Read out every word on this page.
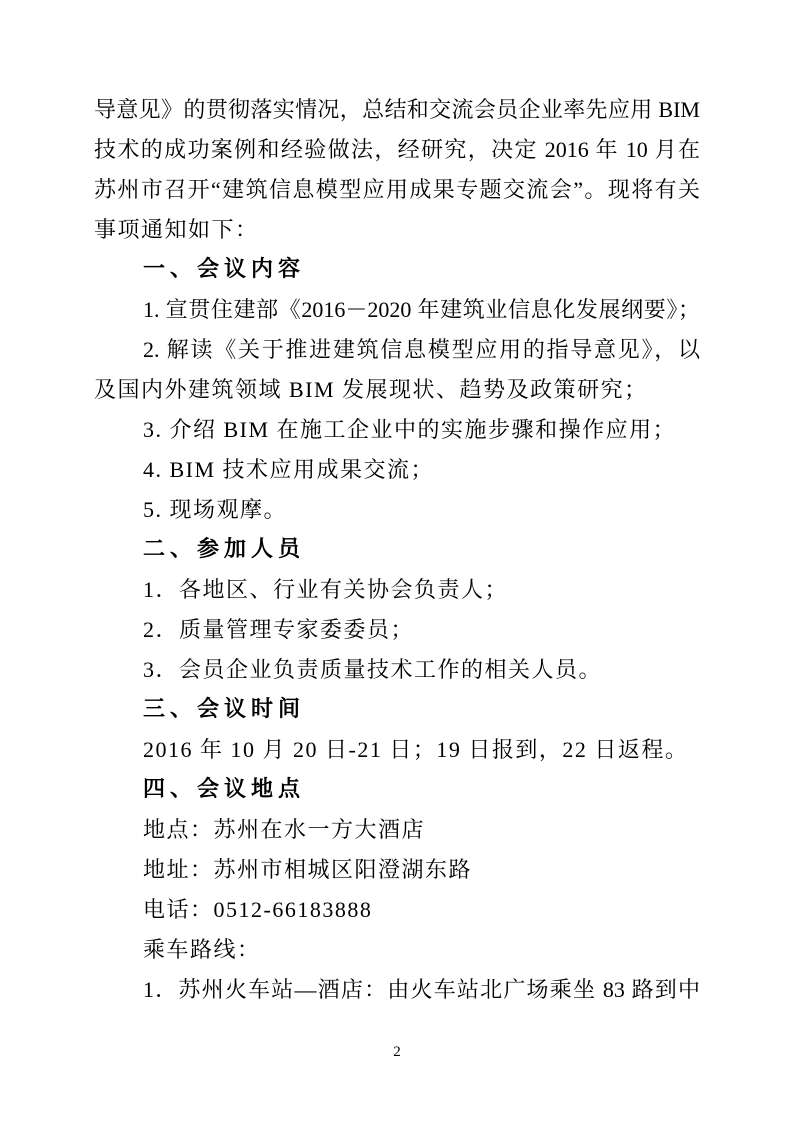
导意见》的贯彻落实情况，总结和交流会员企业率先应用 BIM
技术的成功案例和经验做法，经研究，决定 2016 年 10 月在
苏州市召开“建筑信息模型应用成果专题交流会”。现将有关
事项通知如下：
一、会议内容
1. 宣贯住建部《2016－2020 年建筑业信息化发展纲要》；
2. 解读《关于推进建筑信息模型应用的指导意见》，以
及国内外建筑领域 BIM 发展现状、趋势及政策研究；
3. 介绍 BIM 在施工企业中的实施步骤和操作应用；
4. BIM 技术应用成果交流；
5. 现场观摩。
二、参加人员
1．各地区、行业有关协会负责人；
2．质量管理专家委委员；
3．会员企业负责质量技术工作的相关人员。
三、会议时间
2016 年 10 月 20 日-21 日；19 日报到，22 日返程。
四、会议地点
地点：苏州在水一方大酒店
地址：苏州市相城区阳澄湖东路
电话：0512-66183888
乘车路线：
1．苏州火车站—酒店：由火车站北广场乘坐 83 路到中
2
